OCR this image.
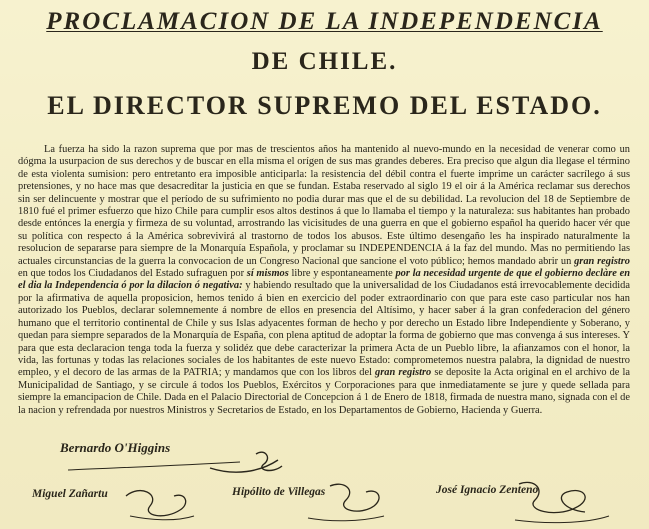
PROCLAMACION DE LA INDEPENDENCIA
DE CHILE.
EL DIRECTOR SUPREMO DEL ESTADO.
La fuerza ha sido la razon suprema que por mas de trescientos años ha mantenido al nuevo-mundo en la necesidad de venerar como un dógma la usurpacion de sus derechos y de buscar en ella misma el orígen de sus mas grandes deberes. Era preciso que algun dia llegase el término de esta violenta sumision: pero entretanto era imposible anticiparla: la resistencia del débil contra el fuerte imprime un carácter sacrílego á sus pretensiones, y no hace mas que desacreditar la justicia en que se fundan. Estaba reservado al siglo 19 el oir á la América reclamar sus derechos sin ser delincuente y mostrar que el período de su sufrimiento no podia durar mas que el de su debilidad. La revolucion del 18 de Septiembre de 1810 fué el primer esfuerzo que hizo Chile para cumplir esos altos destinos á que lo llamaba el tiempo y la naturaleza: sus habitantes han probado desde entónces la energía y firmeza de su voluntad, arrostrando las vicisitudes de una guerra en que el gobierno español ha querido hacer vér que su política con respecto á la América sobrevivirá al trastorno de todos los abusos. Este último desengaño les ha inspirado naturalmente la resolucion de separarse para siempre de la Monarquía Española, y proclamar su INDEPENDENCIA á la faz del mundo. Mas no permitiendo las actuales circunstancias de la guerra la convocacion de un Congreso Nacional que sancione el voto público; hemos mandado abrir un gran registro en que todos los Ciudadanos del Estado sufraguen por sí mismos libre y espontaneamente por la necesidad urgente de que el gobierno declàre en el dia la Independencia ó por la dilacion ó negativa: y habiendo resultado que la universalidad de los Ciudadanos está irrevocablemente decidida por la afirmativa de aquella proposicion, hemos tenido á bien en exercicio del poder extraordinario con que para este caso particular nos han autorizado los Pueblos, declarar solemnemente á nombre de ellos en presencia del Altísimo, y hacer saber á la gran confederacion del género humano que el territorio continental de Chile y sus Islas adyacentes forman de hecho y por derecho un Estado libre Independiente y Soberano, y quedan para siempre separados de la Monarquía de España, con plena aptitud de adoptar la forma de gobierno que mas convenga á sus intereses. Y para que esta declaracion tenga toda la fuerza y solidéz que debe caracterizar la primera Acta de un Pueblo libre, la afianzamos con el honor, la vida, las fortunas y todas las relaciones sociales de los habitantes de este nuevo Estado: comprometemos nuestra palabra, la dignidad de nuestro empleo, y el decoro de las armas de la PATRIA; y mandamos que con los libros del gran registro se deposite la Acta original en el archivo de la Municipalidad de Santiago, y se circule á todos los Pueblos, Exércitos y Corporaciones para que inmediatamente se jure y quede sellada para siempre la emancipacion de Chile. Dada en el Palacio Directorial de Concepcion á 1 de Enero de 1818, firmada de nuestra mano, signada con el de la nacion y refrendada por nuestros Ministros y Secretarios de Estado, en los Departamentos de Gobierno, Hacienda y Guerra.
Bernardo O'Higgins
Miguel Zañartu	Hipólito de Villegas	José Ignacio Zenteno
